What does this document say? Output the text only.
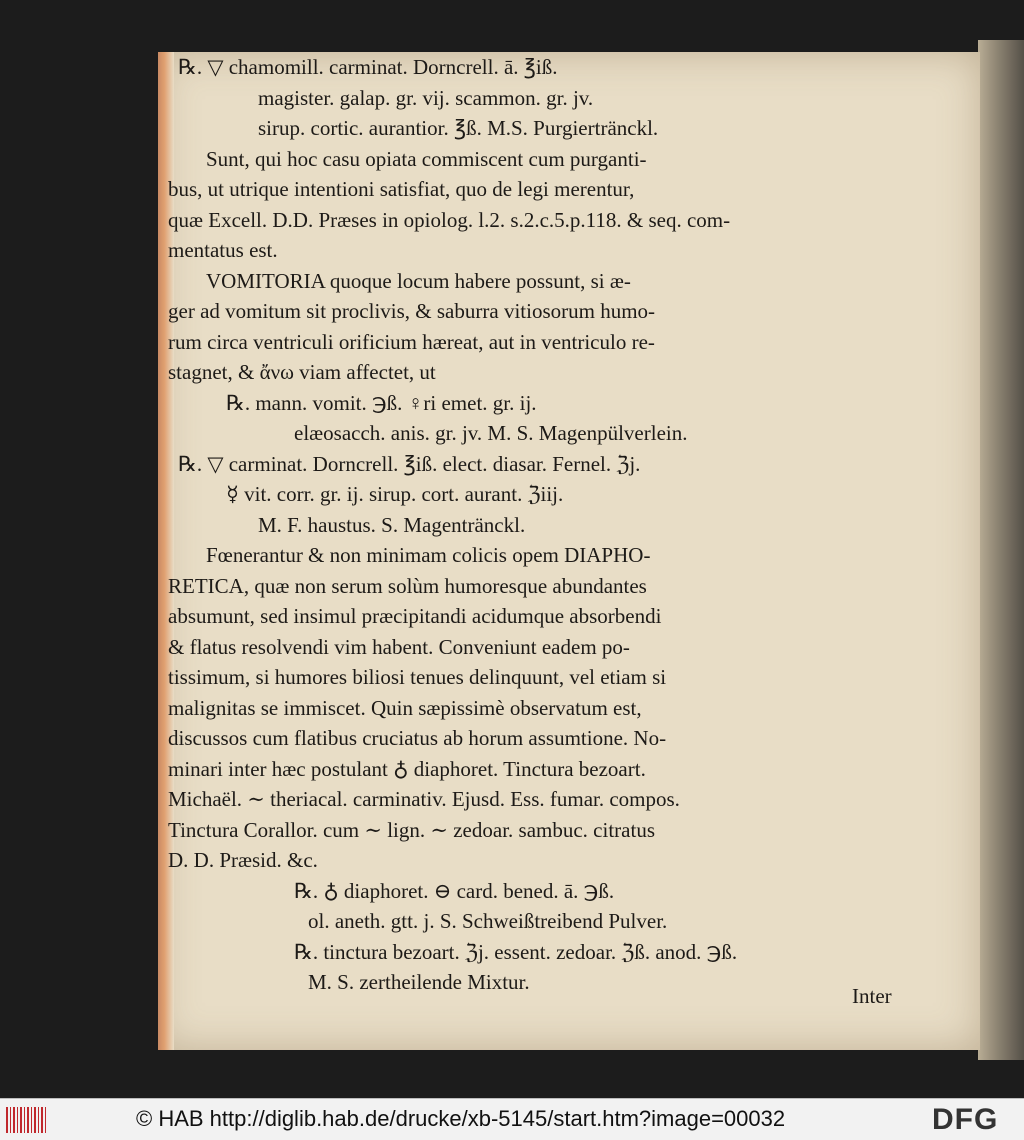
℞. ▽ chamomill. carminat. Dorncrell. ā. ℥iß.
magister. galap. gr. vij. scammon. gr. jv.
sirup. cortic. aurantior. ℥ß. M.S. Purgiertränckl.
Sunt, qui hoc casu opiata commiscent cum purganti-
bus, ut utrique intentioni satisfiat, quo de legi merentur,
quæ Excell. D.D. Præses in opiolog. l.2. s.2.c.5.p.118. & seq. com-
mentatus est.
VOMITORIA quoque locum habere possunt, si æ-
ger ad vomitum sit proclivis, & saburra vitiosorum humo-
rum circa ventriculi orificium hæreat, aut in ventriculo re-
stagnet, & ἄνω viam affectet, ut
℞. mann. vomit. ℈ß. ♀ri emet. gr. ij.
elæosacch. anis. gr. jv. M. S. Magenpülverlein.
℞. ▽ carminat. Dorncrell. ℥iß. elect. diasar. Fernel. ℨj.
☿ vit. corr. gr. ij. sirup. cort. aurant. ℨiij.
M. F. haustus. S. Magentränckl.
Fœnerantur & non minimam colicis opem DIAPHO-
RETICA, quæ non serum solùm humoresque abundantes
absumunt, sed insimul præcipitandi acidumque absorbendi
& flatus resolvendi vim habent. Conveniunt eadem po-
tissimum, si humores biliosi tenues delinquunt, vel etiam si
malignitas se immiscet. Quin sæpissimè observatum est,
discussos cum flatibus cruciatus ab horum assumtione. No-
minari inter hæc postulant ♁ diaphoret. Tinctura bezoart.
Michaël. ∼ theriacal. carminativ. Ejusd. Ess. fumar. compos.
Tinctura Corallor. cum ∼ lign. ∼ zedoar. sambuc. citratus
D. D. Præsid. &c.
℞. ♁ diaphoret. ⊖ card. bened. ā. ℈ß.
ol. aneth. gtt. j. S. Schweißtreibend Pulver.
℞. tinctura bezoart. ℨj. essent. zedoar. ℨß. anod. ℈ß.
M. S. zertheilende Mixtur.
Inter
© HAB http://diglib.hab.de/drucke/xb-5145/start.htm?image=00032	DFG
